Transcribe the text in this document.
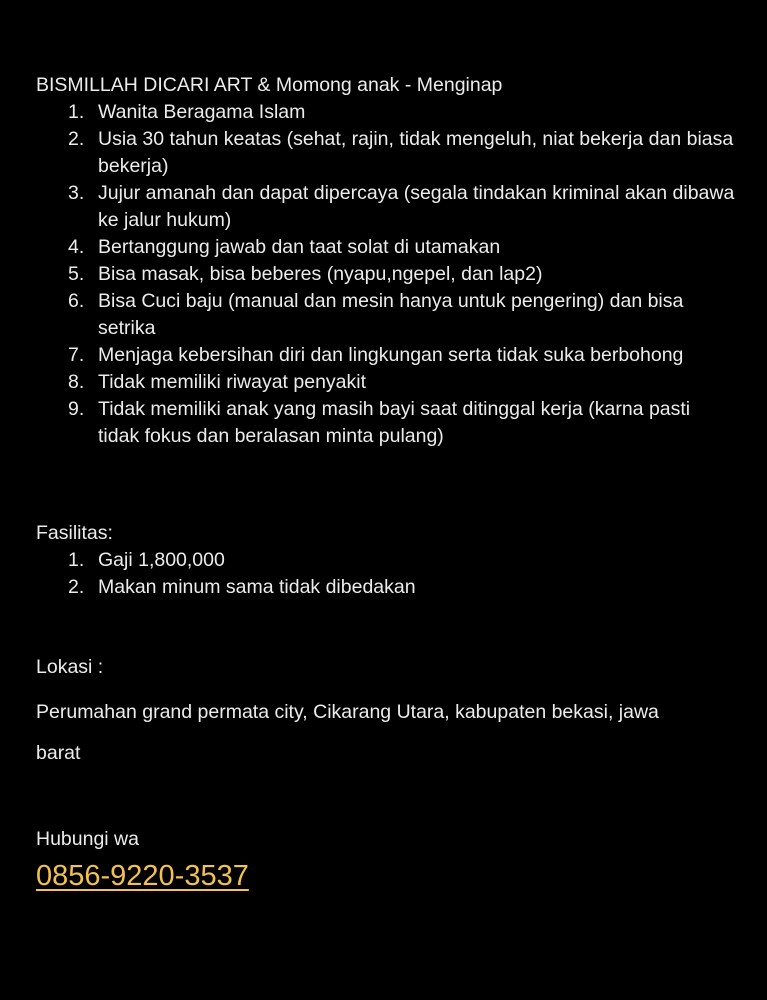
BISMILLAH DICARI ART & Momong anak - Menginap

1. Wanita Beragama Islam
2. Usia 30 tahun keatas (sehat, rajin, tidak mengeluh, niat bekerja dan biasa bekerja)
3. Jujur amanah dan dapat dipercaya (segala tindakan kriminal akan dibawa ke jalur hukum)
4. Bertanggung jawab dan taat solat di utamakan
5. Bisa masak, bisa beberes (nyapu,ngepel, dan lap2)
6. Bisa Cuci baju (manual dan mesin hanya untuk pengering) dan bisa setrika
7. Menjaga kebersihan diri dan lingkungan serta tidak suka berbohong
8. Tidak memiliki riwayat penyakit
9. Tidak memiliki anak yang masih bayi saat ditinggal kerja (karna pasti tidak fokus dan beralasan minta pulang)
Fasilitas:
1. Gaji 1,800,000
2. Makan minum sama tidak dibedakan
Lokasi :
Perumahan grand permata city, Cikarang Utara, kabupaten bekasi, jawa
barat
Hubungi wa
0856-9220-3537
